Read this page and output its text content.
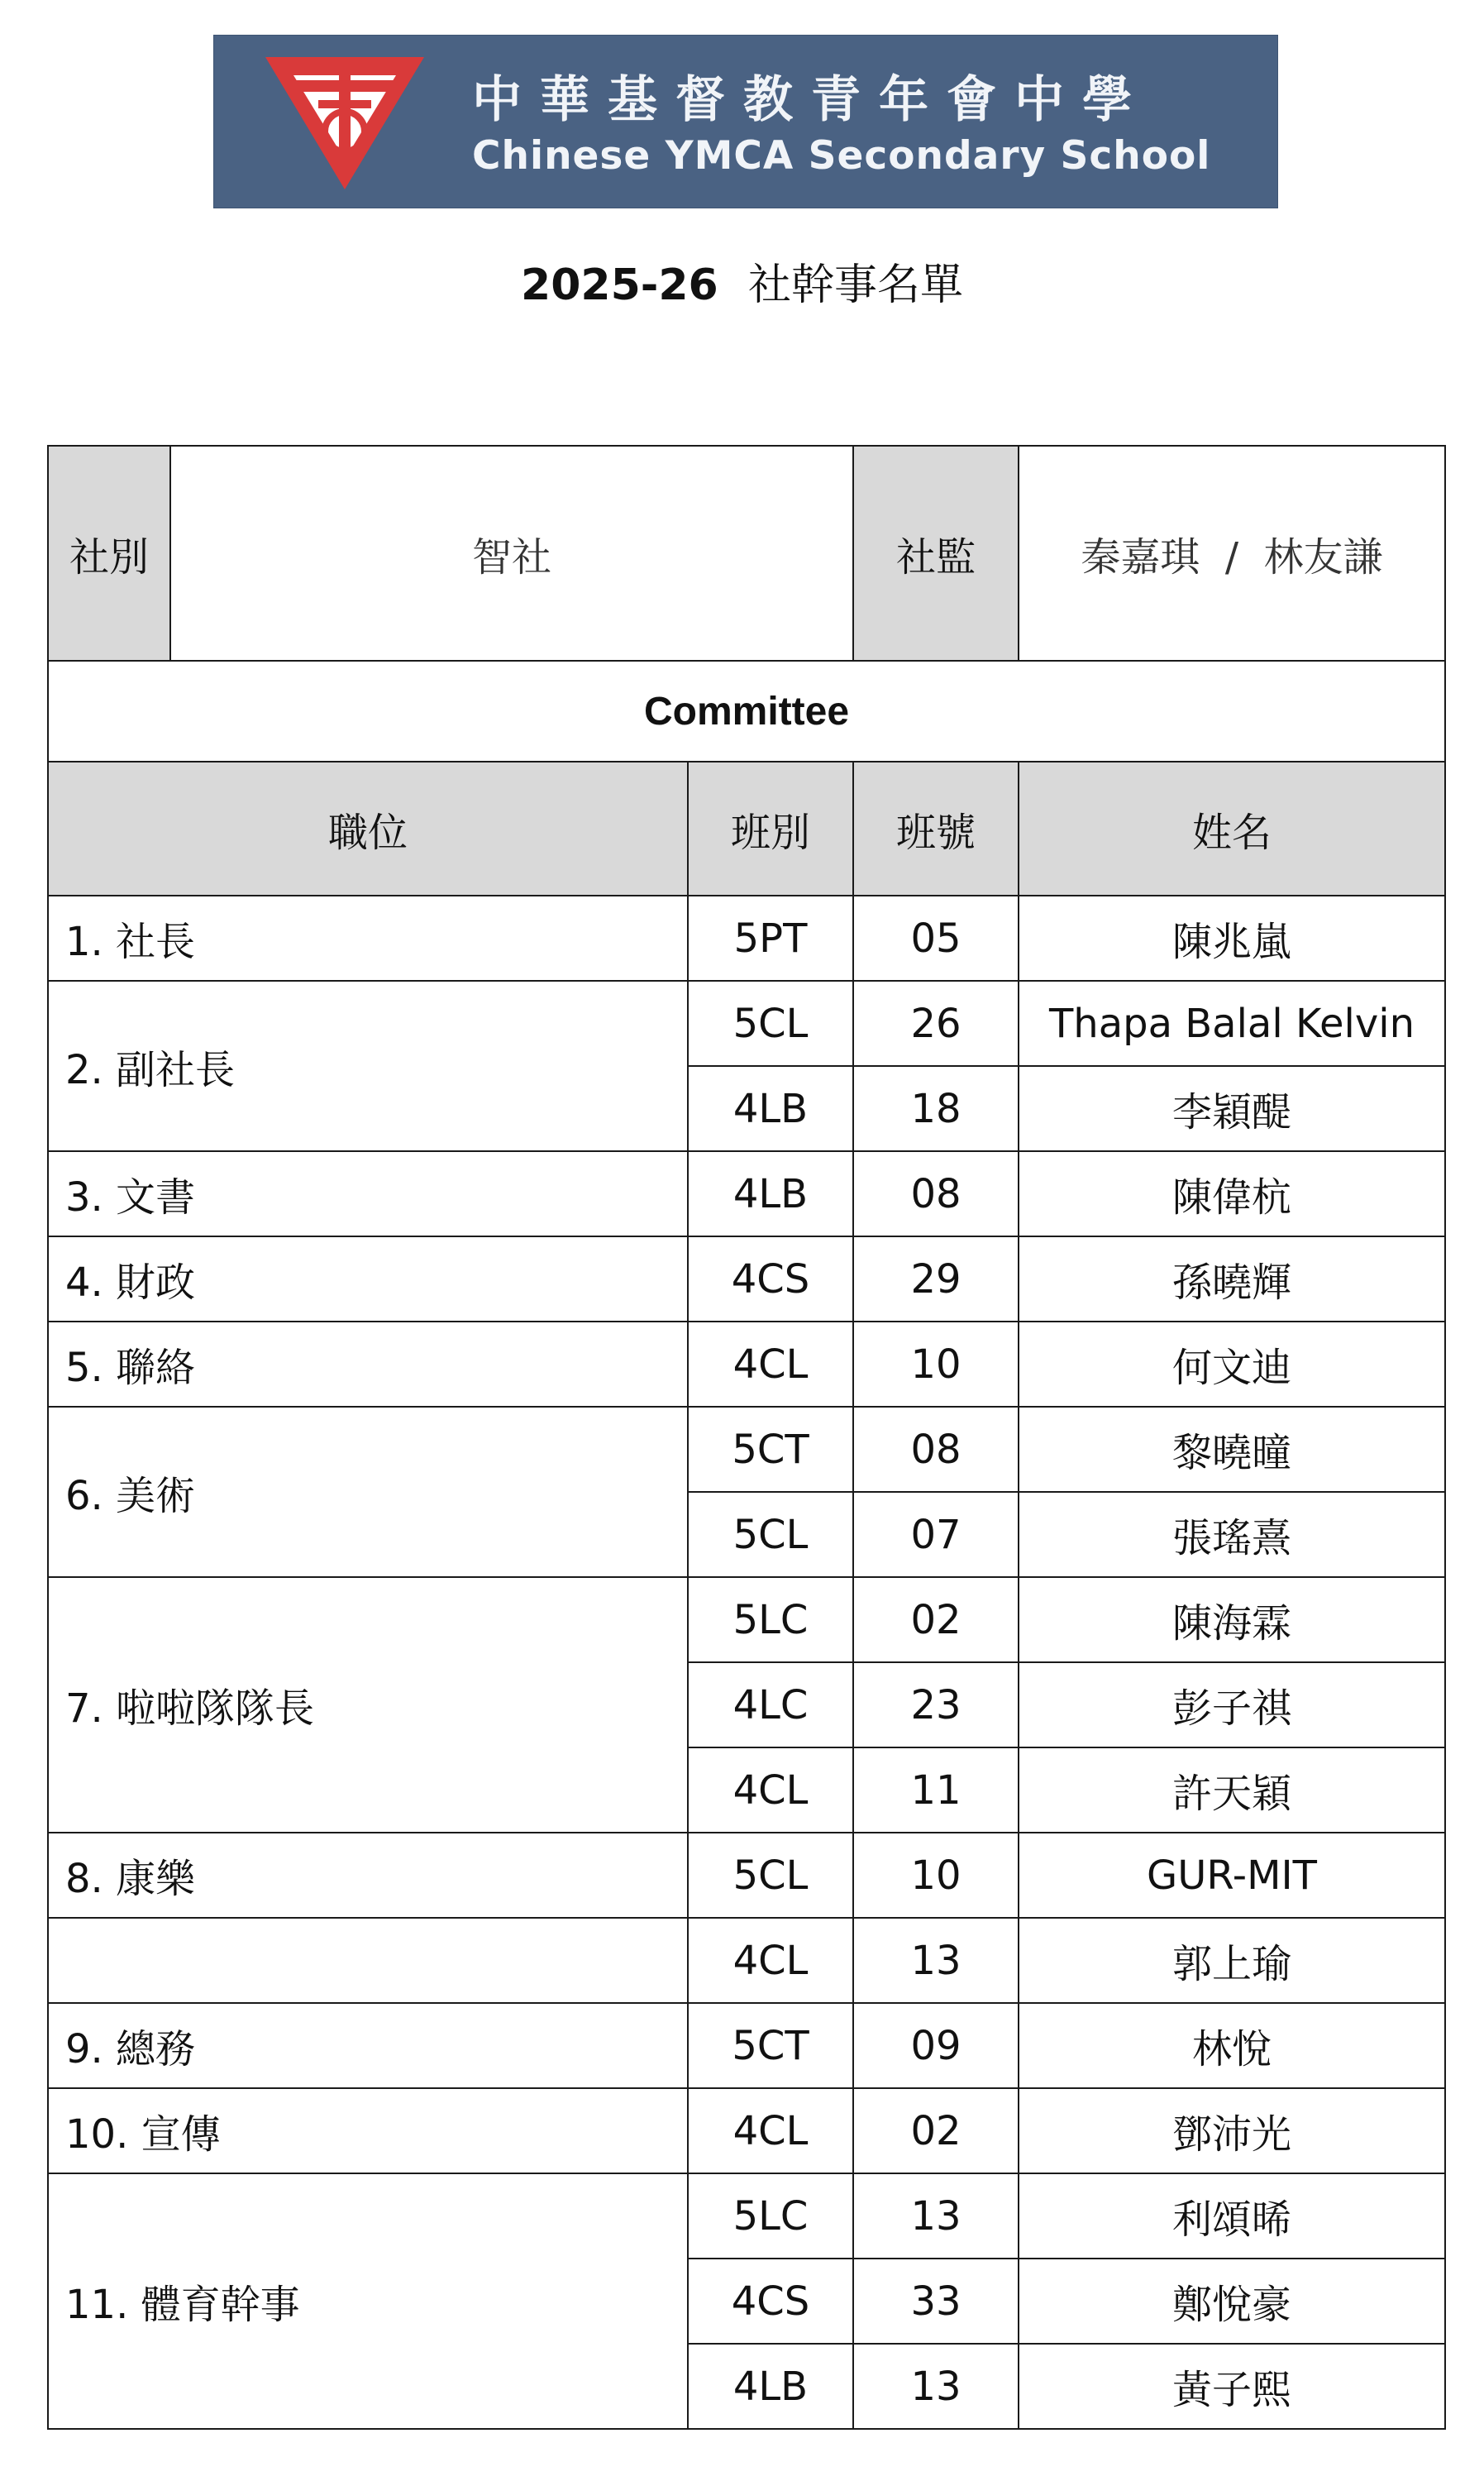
中華基督教青年會中學
Chinese YMCA Secondary School
2025-26 社幹事名單
社別	智社		社監	秦嘉琪  /  林友謙
Committee				
職位		班別	班號	姓名
1. 社長		5PT	05	陳兆嵐
2. 副社長		5CL	26	Thapa Balal Kelvin
		4LB	18	李穎醍
3. 文書		4LB	08	陳偉杭
4. 財政		4CS	29	孫曉輝
5. 聯絡		4CL	10	何文迪
6. 美術		5CT	08	黎曉曈
		5CL	07	張瑤熹
7. 啦啦隊隊長		5LC	02	陳海霖
		4LC	23	彭子祺
		4CL	11	許天穎
8. 康樂		5CL	10	GUR-MIT
		4CL	13	郭上瑜
9. 總務		5CT	09	林悅
10. 宣傳		4CL	02	鄧沛光
11. 體育幹事		5LC	13	利頌晞
		4CS	33	鄭悅豪
		4LB	13	黃子熙
